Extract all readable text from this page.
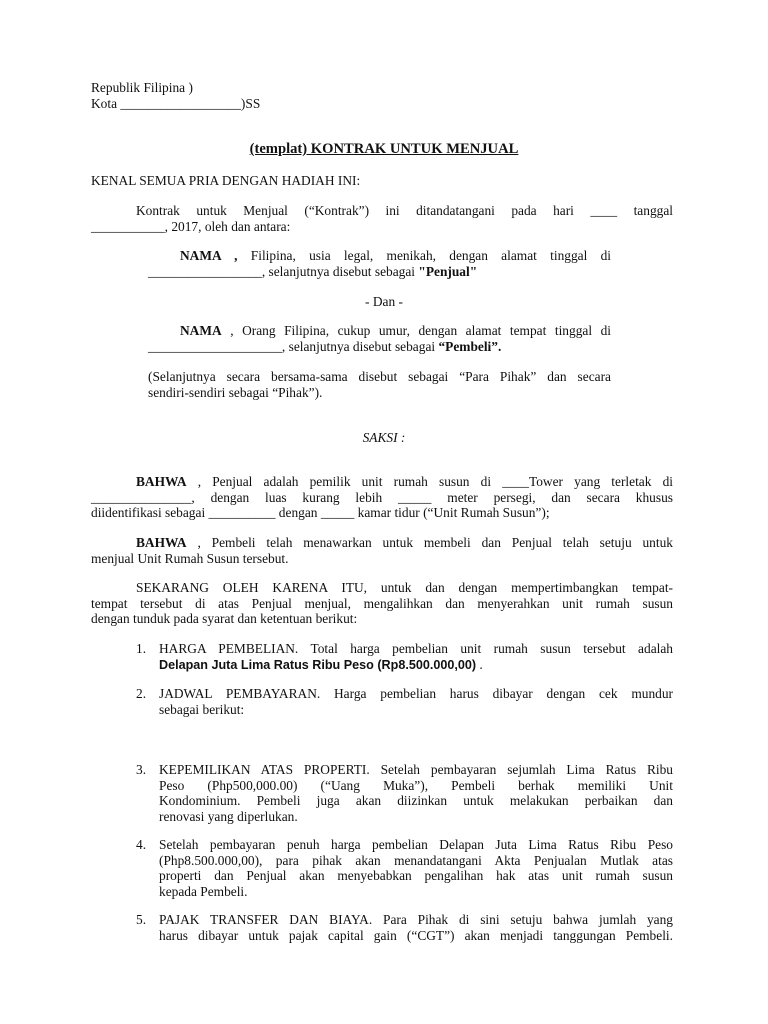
Republik Filipina )
Kota __________________)SS
(templat) KONTRAK UNTUK MENJUAL
KENAL SEMUA PRIA DENGAN HADIAH INI:
Kontrak untuk Menjual (“Kontrak”) ini ditandatangani pada hari ____ tanggal
___________, 2017, oleh dan antara:
NAMA , Filipina, usia legal, menikah, dengan alamat tinggal di
_________________, selanjutnya disebut sebagai "Penjual"
- Dan -
NAMA , Orang Filipina, cukup umur, dengan alamat tempat tinggal di
____________________, selanjutnya disebut sebagai “Pembeli”.
(Selanjutnya secara bersama-sama disebut sebagai “Para Pihak” dan secara
sendiri-sendiri sebagai “Pihak”).
SAKSI :
BAHWA , Penjual adalah pemilik unit rumah susun di ____Tower yang terletak di
_______________, dengan luas kurang lebih _____ meter persegi, dan secara khusus
diidentifikasi sebagai __________ dengan _____ kamar tidur (“Unit Rumah Susun”);
BAHWA , Pembeli telah menawarkan untuk membeli dan Penjual telah setuju untuk
menjual Unit Rumah Susun tersebut.
SEKARANG OLEH KARENA ITU, untuk dan dengan mempertimbangkan tempat-
tempat tersebut di atas Penjual menjual, mengalihkan dan menyerahkan unit rumah susun
dengan tunduk pada syarat dan ketentuan berikut:
1. HARGA PEMBELIAN. Total harga pembelian unit rumah susun tersebut adalah
Delapan Juta Lima Ratus Ribu Peso (Rp8.500.000,00) .
2. JADWAL PEMBAYARAN. Harga pembelian harus dibayar dengan cek mundur
sebagai berikut:
3. KEPEMILIKAN ATAS PROPERTI. Setelah pembayaran sejumlah Lima Ratus Ribu
Peso (Php500,000.00) (“Uang Muka”), Pembeli berhak memiliki Unit
Kondominium. Pembeli juga akan diizinkan untuk melakukan perbaikan dan
renovasi yang diperlukan.
4. Setelah pembayaran penuh harga pembelian Delapan Juta Lima Ratus Ribu Peso
(Php8.500.000,00), para pihak akan menandatangani Akta Penjualan Mutlak atas
properti dan Penjual akan menyebabkan pengalihan hak atas unit rumah susun
kepada Pembeli.
5. PAJAK TRANSFER DAN BIAYA. Para Pihak di sini setuju bahwa jumlah yang
harus dibayar untuk pajak capital gain (“CGT”) akan menjadi tanggungan Pembeli.
